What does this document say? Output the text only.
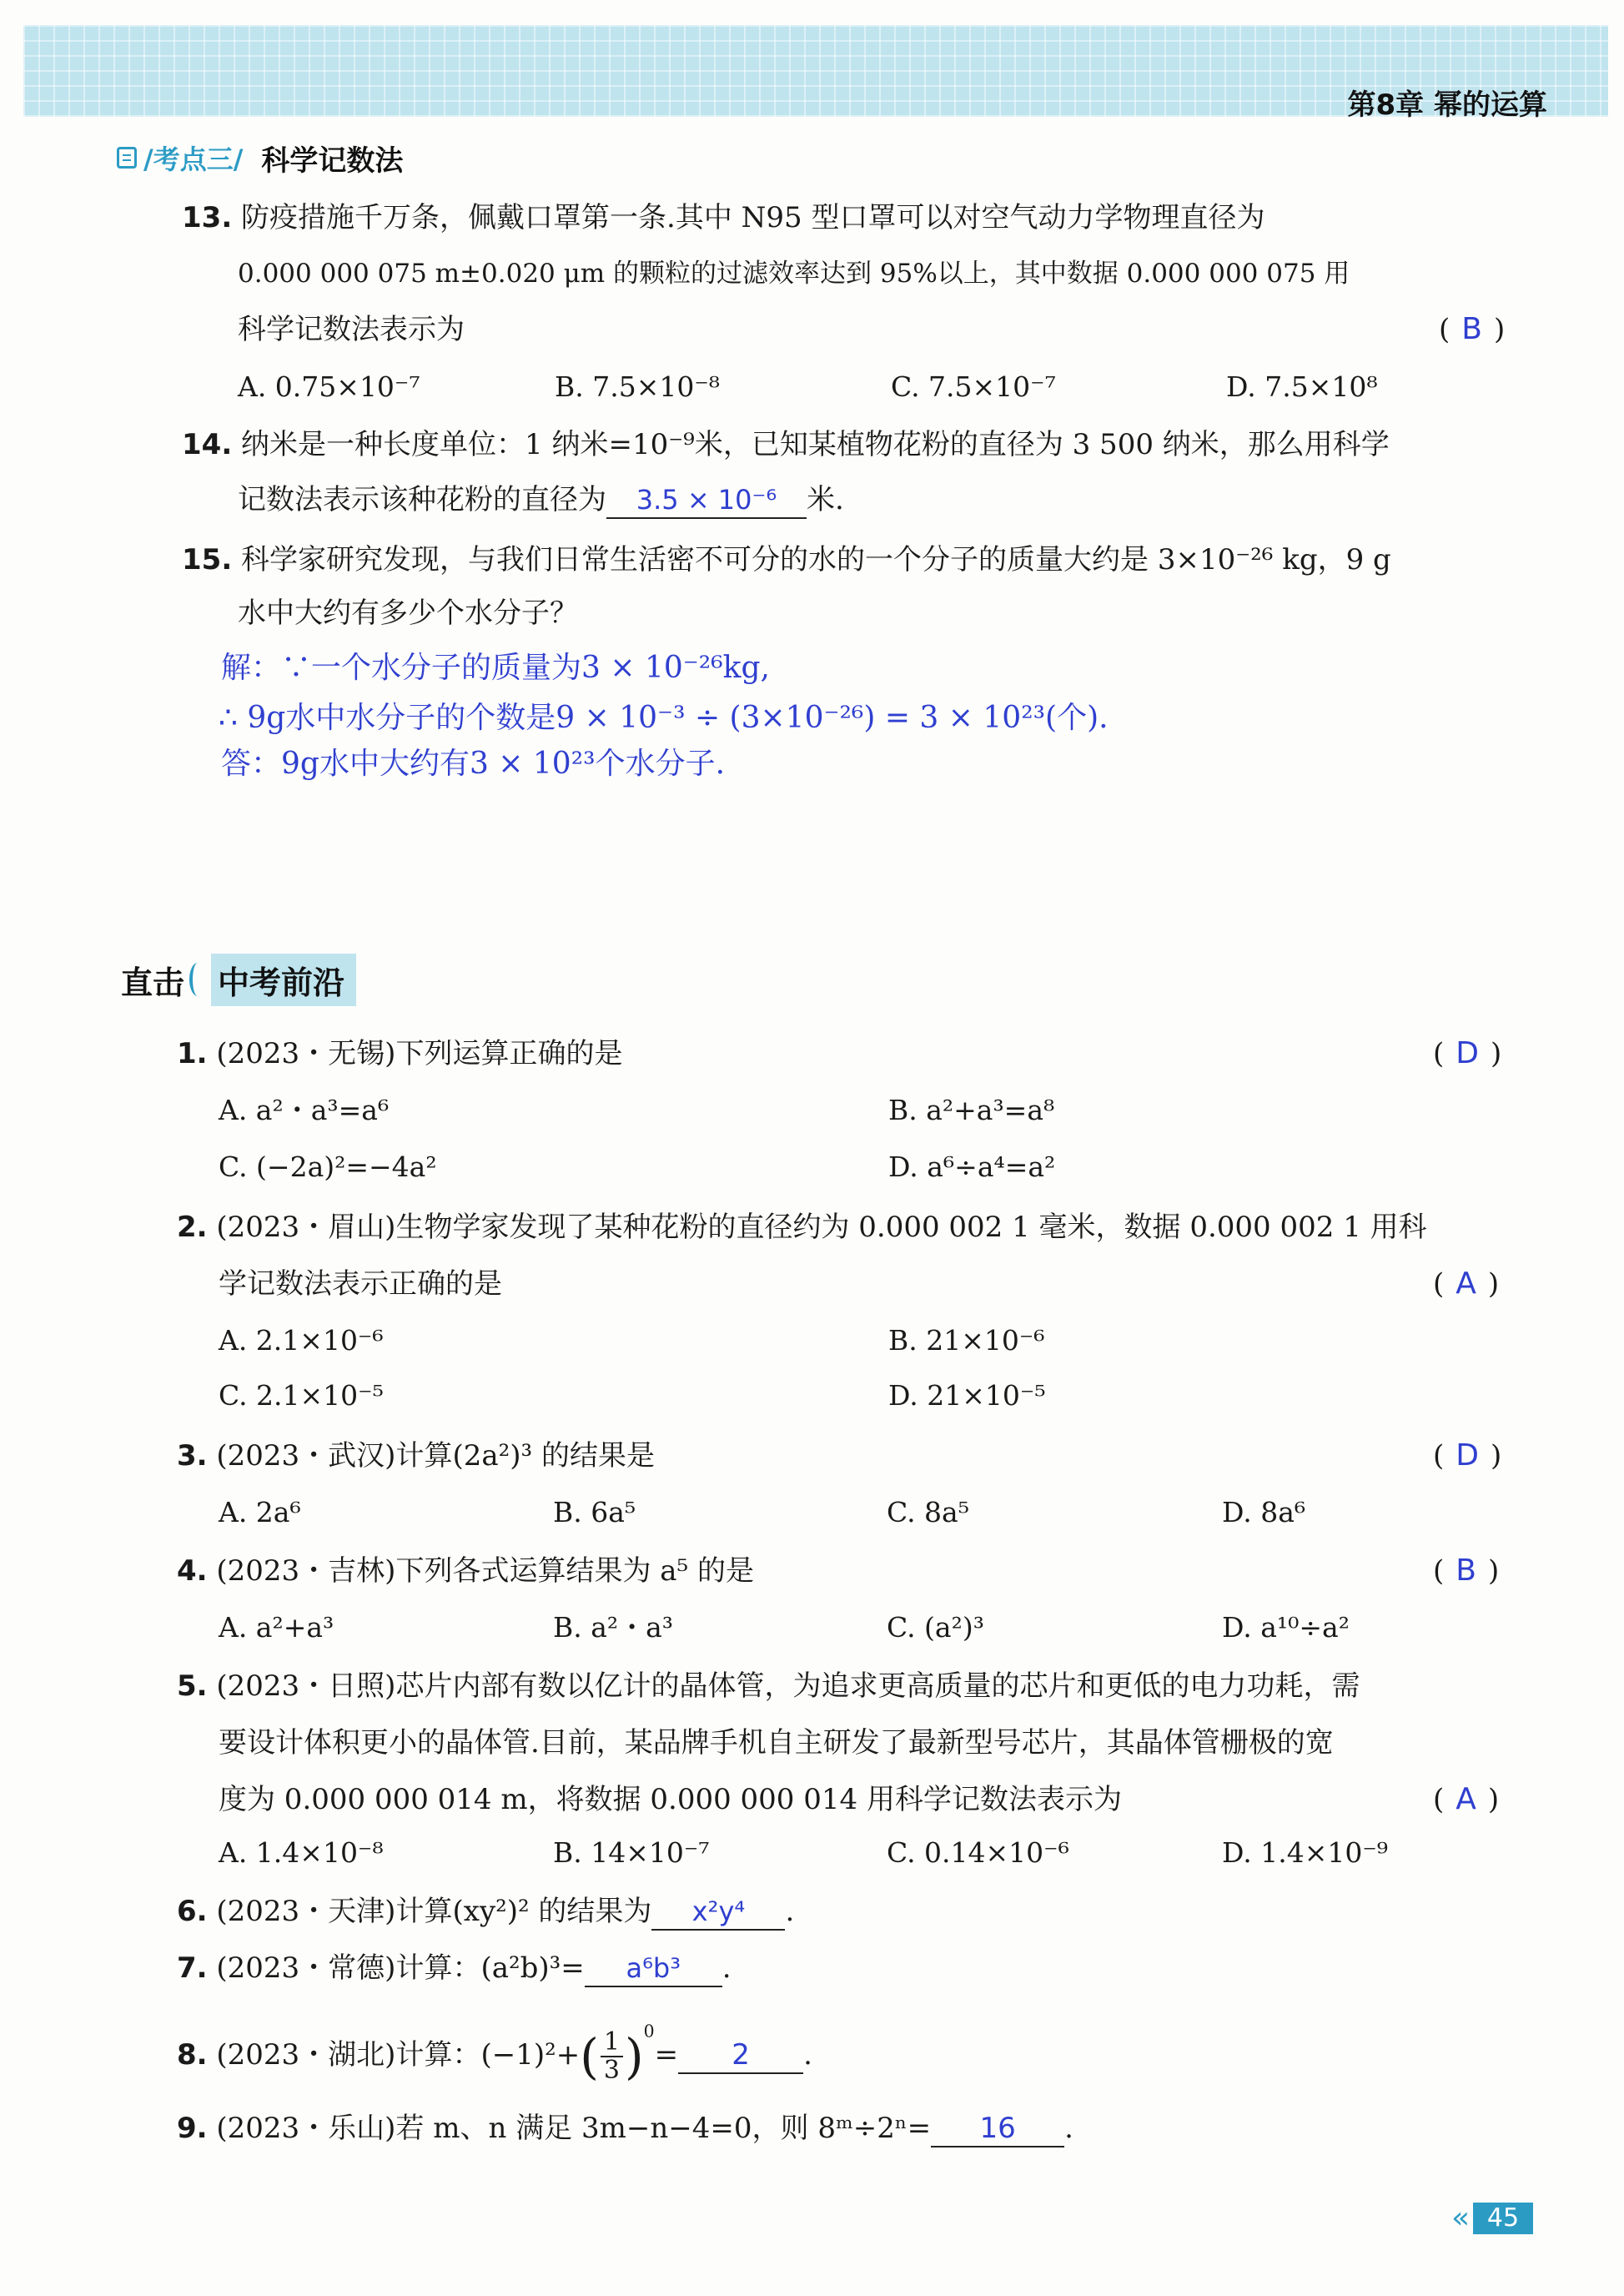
第8章 幂的运算
/考点三/ 科学记数法
13. 防疫措施千万条，佩戴口罩第一条.其中 N95 型口罩可以对空气动力学物理直径为
0.000 000 075 m±0.020 μm 的颗粒的过滤效率达到 95%以上，其中数据 0.000 000 075 用
科学记数法表示为	( B )
A. 0.75×10⁻⁷	B. 7.5×10⁻⁸	C. 7.5×10⁻⁷	D. 7.5×10⁸
14. 纳米是一种长度单位：1 纳米=10⁻⁹米，已知某植物花粉的直径为 3 500 纳米，那么用科学
记数法表示该种花粉的直径为 3.5 × 10⁻⁶ 米.
15. 科学家研究发现，与我们日常生活密不可分的水的一个分子的质量大约是 3×10⁻²⁶ kg，9 g
水中大约有多少个水分子？
解：∵一个水分子的质量为3 × 10⁻²⁶kg,
∴ 9g水中水分子的个数是9 × 10⁻³ ÷ (3×10⁻²⁶) = 3 × 10²³(个).
答：9g水中大约有3 × 10²³个水分子.
直击 中考前沿
1. (2023・无锡)下列运算正确的是	( D )
A. a²・a³=a⁶	B. a²+a³=a⁸
C. (−2a)²=−4a²	D. a⁶÷a⁴=a²
2. (2023・眉山)生物学家发现了某种花粉的直径约为 0.000 002 1 毫米，数据 0.000 002 1 用科
学记数法表示正确的是	( A )
A. 2.1×10⁻⁶	B. 21×10⁻⁶
C. 2.1×10⁻⁵	D. 21×10⁻⁵
3. (2023・武汉)计算(2a²)³ 的结果是	( D )
A. 2a⁶	B. 6a⁵	C. 8a⁵	D. 8a⁶
4. (2023・吉林)下列各式运算结果为 a⁵ 的是	( B )
A. a²+a³	B. a²・a³	C. (a²)³	D. a¹⁰÷a²
5. (2023・日照)芯片内部有数以亿计的晶体管，为追求更高质量的芯片和更低的电力功耗，需
要设计体积更小的晶体管.目前，某品牌手机自主研发了最新型号芯片，其晶体管栅极的宽
度为 0.000 000 014 m，将数据 0.000 000 014 用科学记数法表示为	( A )
A. 1.4×10⁻⁸	B. 14×10⁻⁷	C. 0.14×10⁻⁶	D. 1.4×10⁻⁹
6. (2023・天津)计算(xy²)² 的结果为 x²y⁴ .
7. (2023・常德)计算：(a²b)³= a⁶b³ .
8. (2023・湖北)计算：$(-1)^2+( \frac{1}{3} )^0= 2$ .
9. (2023・乐山)若 m、n 满足 3m−n−4=0，则 8ᵐ÷2ⁿ= 16 .
« 45
